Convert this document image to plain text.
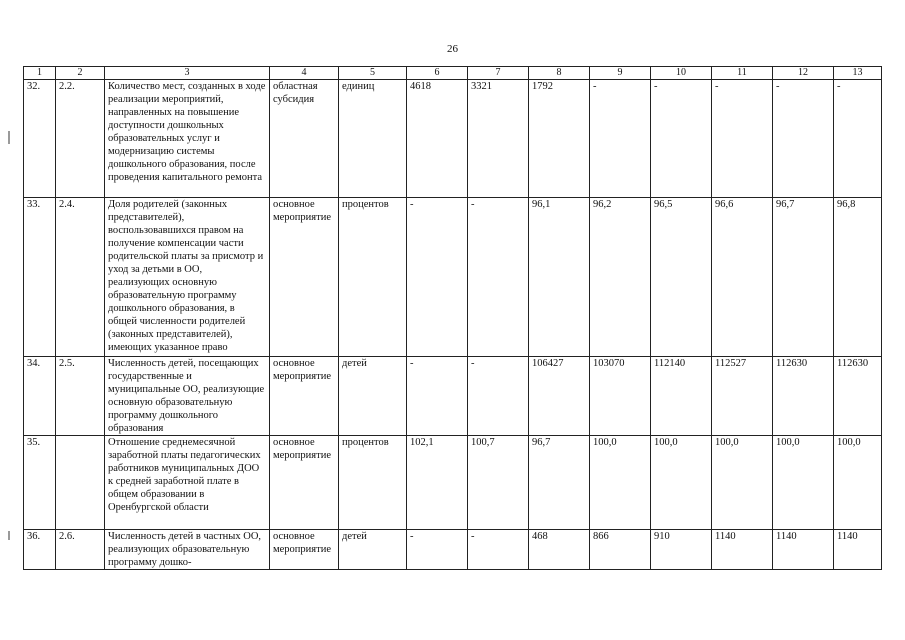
26
1	2	3	4	5	6	7	8	9	10	11	12	13
32.	2.2.	Количество мест, созданных в ходе реализации мероприятий, направленных на повышение доступности дошкольных образовательных услуг и модернизацию системы дошкольного образования, после проведения капитального ремонта	областная субсидия	единиц	4618	3321	1792	-	-	-	-	-
33.	2.4.	Доля родителей (законных представителей), воспользовавшихся правом на получение компенсации части родительской платы за присмотр и уход за детьми в ОО, реализующих основную образовательную программу дошкольного образования, в общей численности родителей (законных представителей), имеющих указанное право	основное мероприятие	процентов	-	-	96,1	96,2	96,5	96,6	96,7	96,8
34.	2.5.	Численность детей, посещающих государственные и муниципальные ОО, реализующие основную образовательную программу дошкольного образования	основное мероприятие	детей	-	-	106427	103070	112140	112527	112630	112630
35.		Отношение среднемесячной заработной платы педагогических работников муниципальных ДОО к средней заработной плате в общем образовании в Оренбургской области	основное мероприятие	процентов	102,1	100,7	96,7	100,0	100,0	100,0	100,0	100,0
36.	2.6.	Численность детей в частных ОО, реализующих образовательную программу дошко-	основное мероприятие	детей	-	-	468	866	910	1140	1140	1140
